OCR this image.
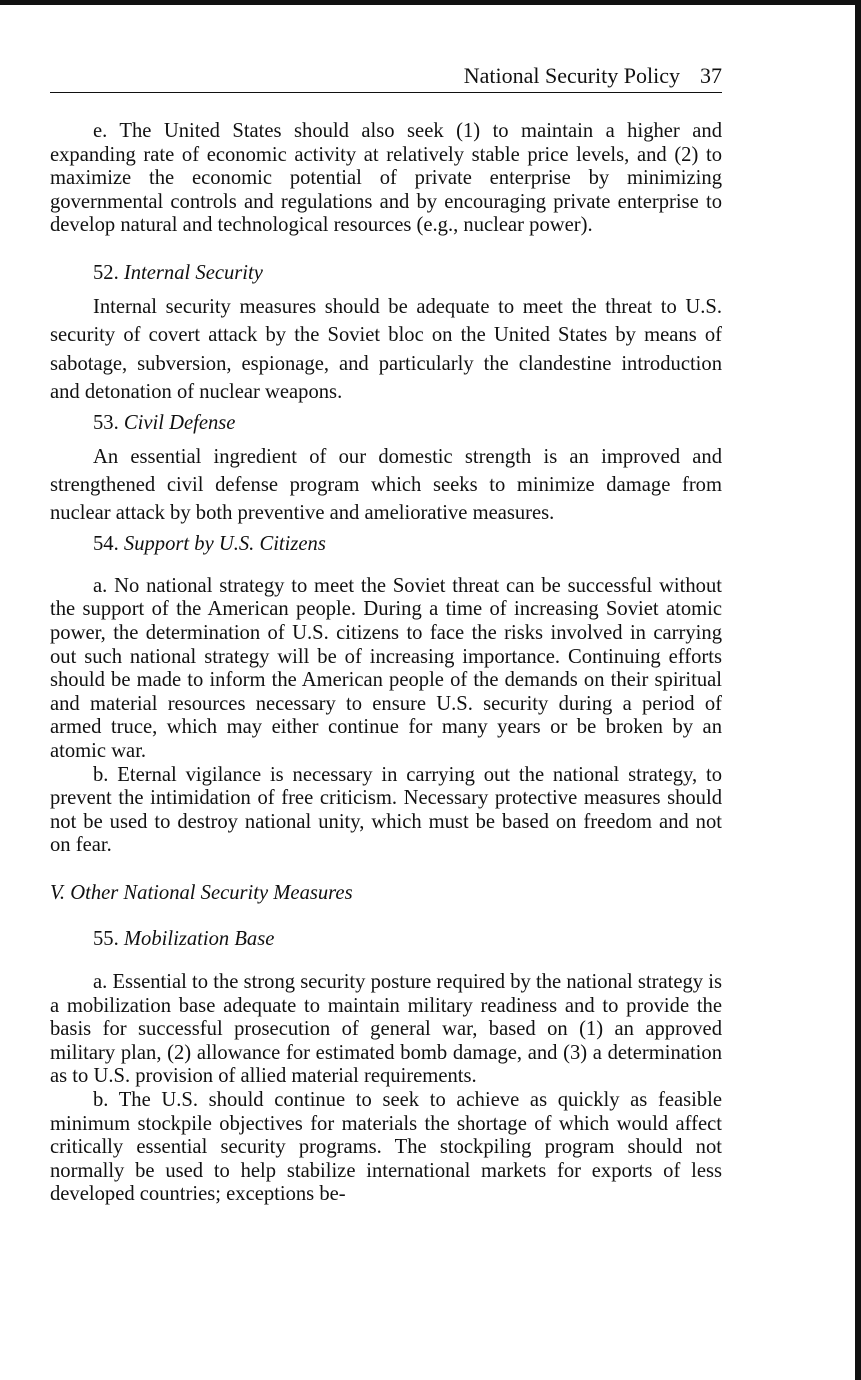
National Security Policy 37

e. The United States should also seek (1) to maintain a higher and expanding rate of economic activity at relatively stable price levels, and (2) to maximize the economic potential of private enterprise by minimizing governmental controls and regulations and by encouraging private enterprise to develop natural and technological resources (e.g., nuclear power).

52. Internal Security

Internal security measures should be adequate to meet the threat to U.S. security of covert attack by the Soviet bloc on the United States by means of sabotage, subversion, espionage, and particularly the clandestine introduction and detonation of nuclear weapons.

53. Civil Defense

An essential ingredient of our domestic strength is an improved and strengthened civil defense program which seeks to minimize damage from nuclear attack by both preventive and ameliorative measures.

54. Support by U.S. Citizens

a. No national strategy to meet the Soviet threat can be successful without the support of the American people. During a time of increasing Soviet atomic power, the determination of U.S. citizens to face the risks involved in carrying out such national strategy will be of increasing importance. Continuing efforts should be made to inform the American people of the demands on their spiritual and material resources necessary to ensure U.S. security during a period of armed truce, which may either continue for many years or be broken by an atomic war.

b. Eternal vigilance is necessary in carrying out the national strategy, to prevent the intimidation of free criticism. Necessary protective measures should not be used to destroy national unity, which must be based on freedom and not on fear.

V. Other National Security Measures

55. Mobilization Base

a. Essential to the strong security posture required by the national strategy is a mobilization base adequate to maintain military readiness and to provide the basis for successful prosecution of general war, based on (1) an approved military plan, (2) allowance for estimated bomb damage, and (3) a determination as to U.S. provision of allied material requirements.

b. The U.S. should continue to seek to achieve as quickly as feasible minimum stockpile objectives for materials the shortage of which would affect critically essential security programs. The stockpiling program should not normally be used to help stabilize international markets for exports of less developed countries; exceptions be-
